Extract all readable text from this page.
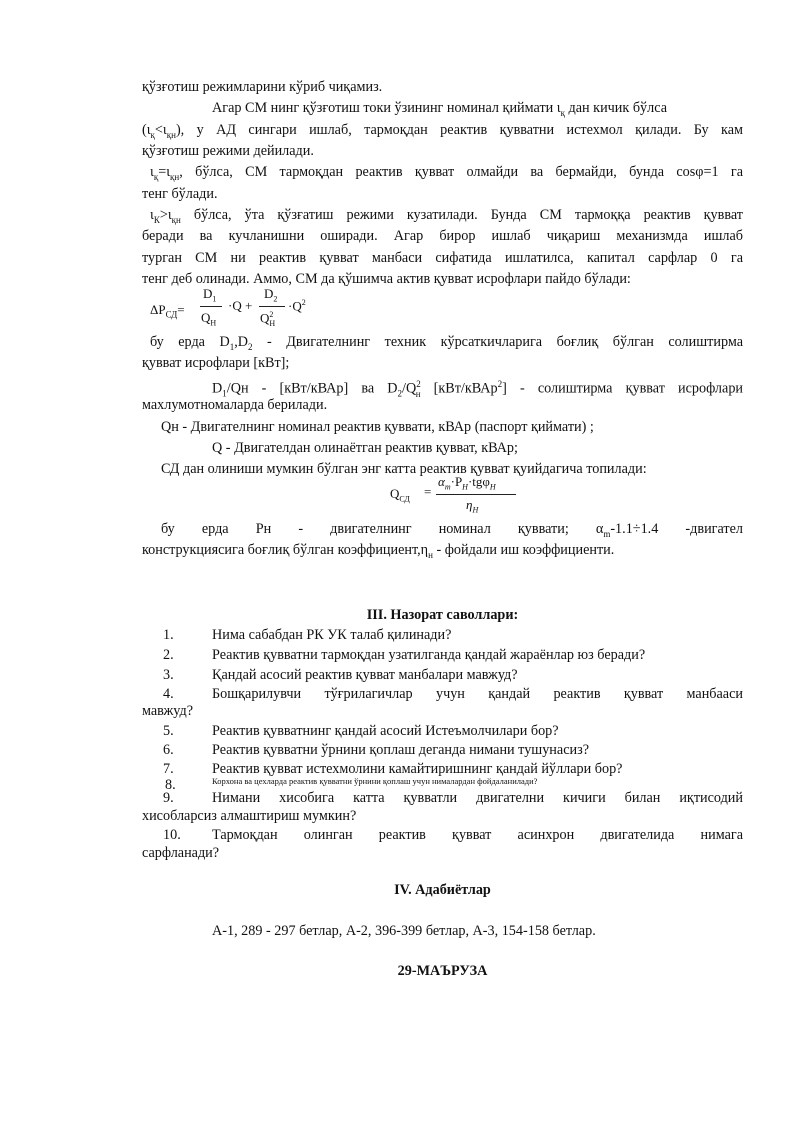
қўзғотиш режимларини кўриб чиқамиз.
Агар СМ нинг қўзғотиш токи ўзининг номинал қиймати $\iota_қ$ дан кичик бўлса
$(\iota_қ<\iota_{қн})$, у АД сингари ишлаб, тармоқдан реактив қувватни истехмол қилади. Бу кам
қўзғотиш режими дейилади.
$\iota_қ=\iota_{қн}$, бўлса, СМ тармоқдан реактив қувват олмайди ва бермайди, бунда cosφ=1 га
тенг бўлади.
$\iota_К>\iota_{қн}$ бўлса, ўта қўзғатиш режими кузатилади. Бунда СМ тармоққа реактив қувват
беради ва кучланишни оширади. Агар бирор ишлаб чиқариш механизмда ишлаб
турган СМ ни реактив қувват манбаси сифатида ишлатилса, капитал сарфлар 0 га
тенг деб олинади. Аммо, СМ да қўшимча актив қувват исрофлари пайдо бўлади:
$\Delta P_{СД}=$
$D_1$
$Q_Н$
·Q +
$D_2$
$Q^2_Н$
$\cdot Q^2$
бу ерда $D_1,D_2$ - Двигателнинг техник кўрсаткичларига боғлиқ бўлган солиштирма
қувват исрофлари [кВт];
$D_1/Qн$ - [кВт/кВАр] ва $D_2/Q^2_н$ [кВт/кВАр$^2$] - солиштирма қувват исрофлари
махлумотномаларда берилади.
Qн - Двигателнинг номинал реактив қуввати, кВАр (паспорт қиймати) ;
Q - Двигателдан олинаётган реактив қувват, кВАр;
СД дан олиниши мумкин бўлган энг катта реактив қувват қуийдагича топилади:
$Q_{СД}$
=
$\alpha_m\cdot P_Н\cdot tg\varphi_Н$
$\eta_Н$
бу ерда Рн - двигателнинг номинал қуввати; $\alpha_m-1.1\div 1.4$ -двигател
конструкциясига боғлиқ бўлган $коэффициент,\eta_н$ - фойдали иш коэффициенти.
III. Назорат саволлари:
1.	Нима сабабдан РК УК талаб қилинади?
2.	Реактив қувватни тармоқдан узатилганда қандай жараёнлар юз беради?
3.	Қандай асосий реактив қувват манбалари мавжуд?
4.	Бошқарилувчи тўғрилагичлар учун қандай реактив қувват манбааси
мавжуд?
5.	Реактив қувватнинг қандай асосий Истеъмолчилари бор?
6.	Реактив қувватни ўрнини қоплаш деганда нимани тушунасиз?
7.	Реактив қувват истехмолини камайтиришнинг қандай йўллари бор?
8.	Корхона ва цехларда реактив қувватни ўрнини қоплаш учун нималардан фойдаланилади?
9.	Нимани хисобига катта қувватли двигателни кичиги билан иқтисодий
хисобларсиз алмаштириш мумкин?
10. Тармоқдан олинган реактив қувват асинхрон двигателида нимага
сарфланади?
IV. Адабиётлар
А-1, 289 - 297 бетлар, А-2, 396-399 бетлар, А-3, 154-158 бетлар.
29-МАЪРУЗА
